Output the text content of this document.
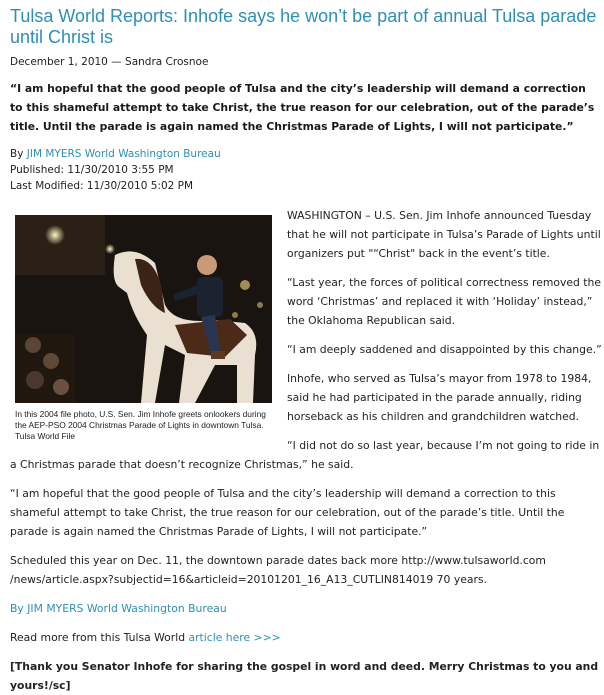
Tulsa World Reports: Inhofe says he won’t be part of annual Tulsa parade until Christ is
December 1, 2010 — Sandra Crosnoe
“I am hopeful that the good people of Tulsa and the city’s leadership will demand a correction to this shameful attempt to take Christ, the true reason for our celebration, out of the parade’s title. Until the parade is again named the Christmas Parade of Lights, I will not participate.”
By JIM MYERS World Washington Bureau
Published: 11/30/2010 3:55 PM
Last Modified: 11/30/2010 5:02 PM
In this 2004 file photo, U.S. Sen. Jim Inhofe greets onlookers during the AEP-PSO 2004 Christmas Parade of Lights in downtown Tulsa. Tulsa World File

WASHINGTON – U.S. Sen. Jim Inhofe announced Tuesday that he will not participate in Tulsa’s Parade of Lights until organizers put "“Christ" back in the event’s title.

“Last year, the forces of political correctness removed the word ‘Christmas’ and replaced it with ‘Holiday’ instead,” the Oklahoma Republican said.

“I am deeply saddened and disappointed by this change.”

Inhofe, who served as Tulsa’s mayor from 1978 to 1984, said he had participated in the parade annually, riding horseback as his children and grandchildren watched.

“I did not do so last year, because I’m not going to ride in a Christmas parade that doesn’t recognize Christmas,” he said.

“I am hopeful that the good people of Tulsa and the city’s leadership will demand a correction to this shameful attempt to take Christ, the true reason for our celebration, out of the parade’s title. Until the parade is again named the Christmas Parade of Lights, I will not participate.”

Scheduled this year on Dec. 11, the downtown parade dates back more http://www.tulsaworld.com /news/article.aspx?subjectid=16&articleid=20101201_16_A13_CUTLIN814019 70 years.

By JIM MYERS World Washington Bureau

Read more from this Tulsa World article here >>>

[Thank you Senator Inhofe for sharing the gospel in word and deed. Merry Christmas to you and yours!/sc]
